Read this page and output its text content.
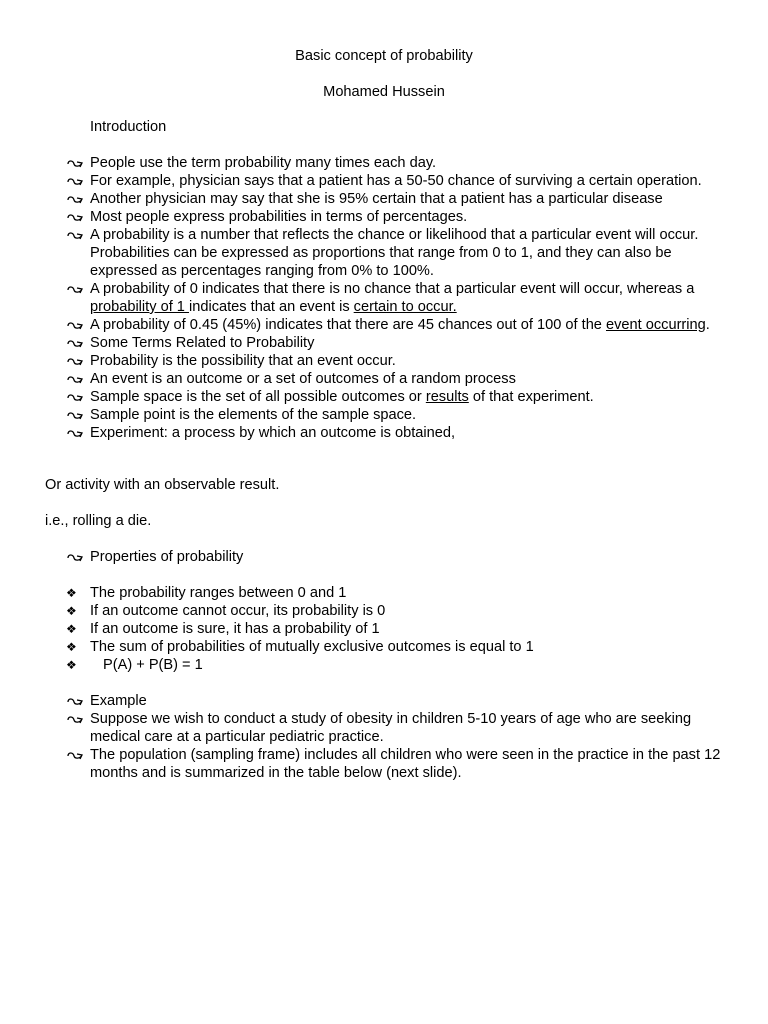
Basic concept of probability
Mohamed Hussein
Introduction
People use the term probability many times each day.
For example, physician says that a patient has a 50-50 chance of surviving a certain operation.
Another physician may say that she is 95% certain that a patient has a particular disease
Most people express probabilities in terms of percentages.
A probability is a number that reflects the chance or likelihood that a particular event will occur. Probabilities can be expressed as proportions that range from 0 to 1, and they can also be expressed as percentages ranging from 0% to 100%.
A probability of 0 indicates that there is no chance that a particular event will occur, whereas a probability of 1 indicates that an event is certain to occur.
A probability of 0.45 (45%) indicates that there are 45 chances out of 100 of the event occurring.
Some Terms Related to Probability
Probability is the possibility that an event occur.
An event is an outcome or a set of outcomes of a random process
Sample space is the set of all possible outcomes or results of that experiment.
Sample point is the elements of the sample space.
Experiment: a process by which an outcome is obtained,
Or activity with an observable result.
i.e., rolling a die.
Properties of probability
❖ The probability ranges between 0 and 1
❖ If an outcome cannot occur, its probability is 0
❖ If an outcome is sure, it has a probability of 1
❖ The sum of probabilities of mutually exclusive outcomes is equal to 1
❖	P(A) + P(B) = 1
Example
Suppose we wish to conduct a study of obesity in children 5-10 years of age who are seeking medical care at a particular pediatric practice.
The population (sampling frame) includes all children who were seen in the practice in the past 12 months and is summarized in the table below (next slide).
